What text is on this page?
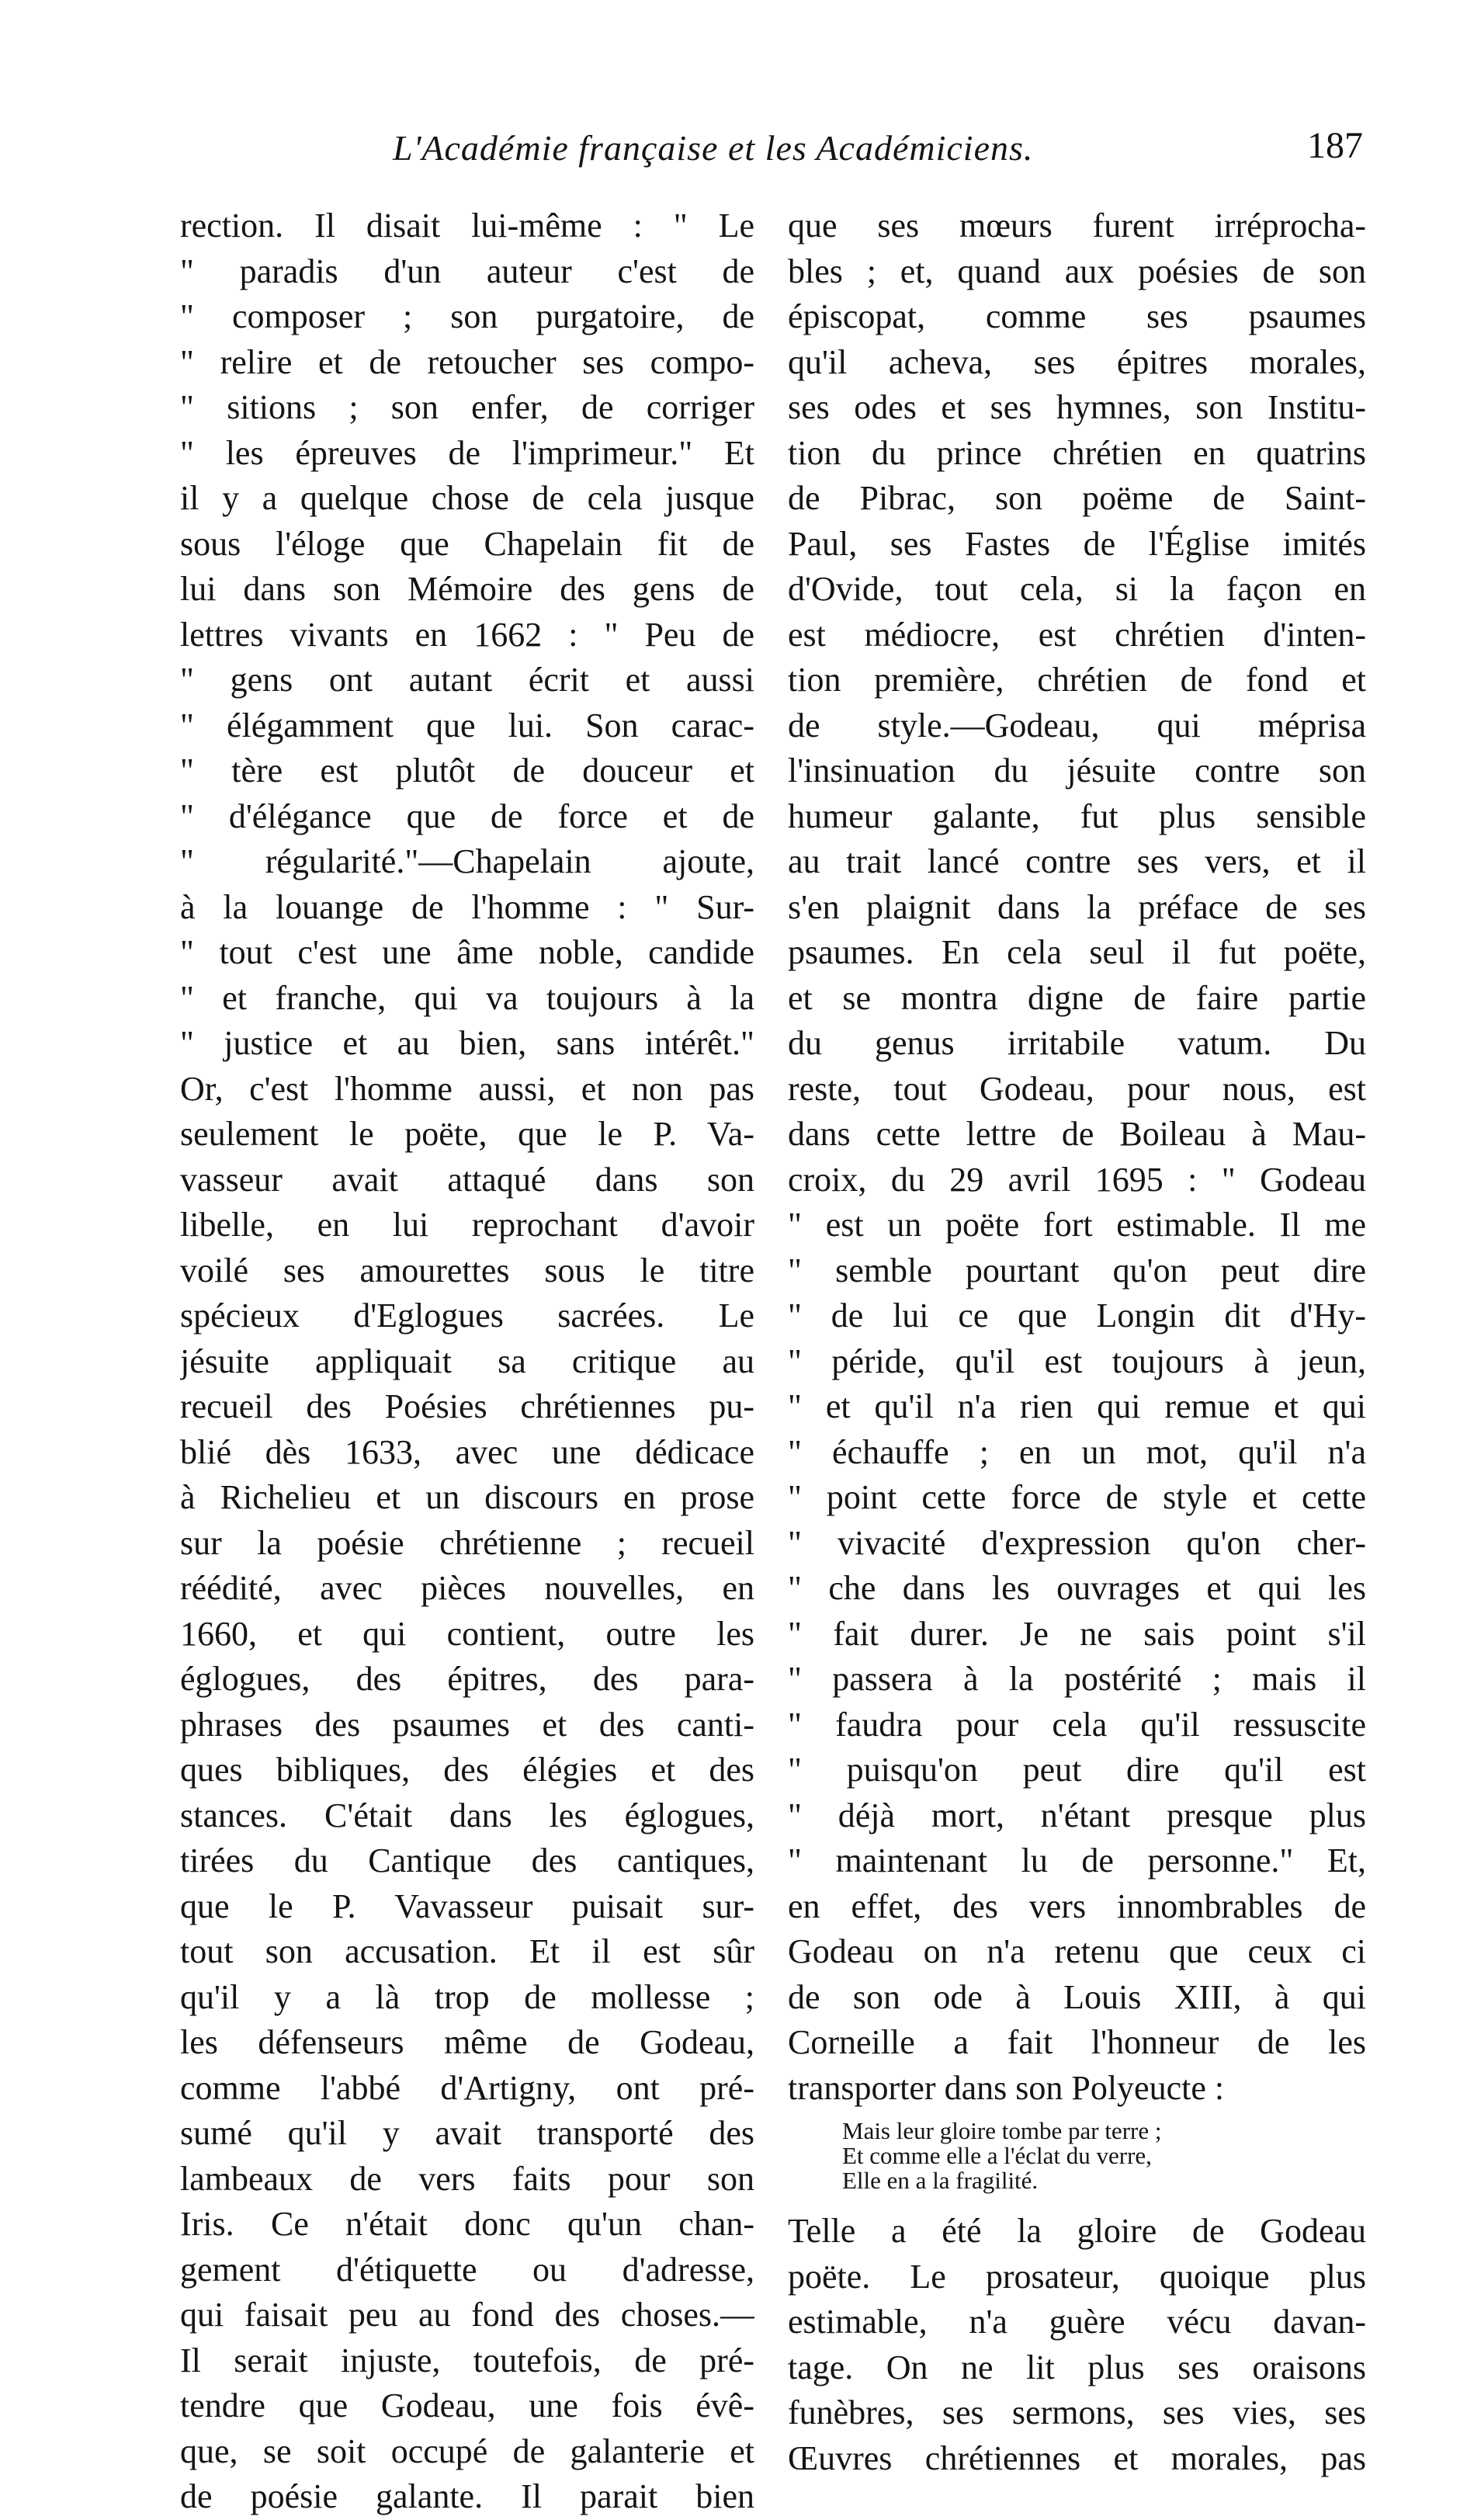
L'Académie française et les Académiciens.	187
rection. Il disait lui-même : " Le
" paradis d'un auteur c'est de
" composer ; son purgatoire, de
" relire et de retoucher ses compo-
" sitions ; son enfer, de corriger
" les épreuves de l'imprimeur." Et
il y a quelque chose de cela jusque
sous l'éloge que Chapelain fit de
lui dans son Mémoire des gens de
lettres vivants en 1662 : " Peu de
" gens ont autant écrit et aussi
" élégamment que lui. Son carac-
" tère est plutôt de douceur et
" d'élégance que de force et de
" régularité."—Chapelain ajoute,
à la louange de l'homme : " Sur-
" tout c'est une âme noble, candide
" et franche, qui va toujours à la
" justice et au bien, sans intérêt."
Or, c'est l'homme aussi, et non pas
seulement le poëte, que le P. Va-
vasseur avait attaqué dans son
libelle, en lui reprochant d'avoir
voilé ses amourettes sous le titre
spécieux d'Eglogues sacrées. Le
jésuite appliquait sa critique au
recueil des Poésies chrétiennes pu-
blié dès 1633, avec une dédicace
à Richelieu et un discours en prose
sur la poésie chrétienne ; recueil
réédité, avec pièces nouvelles, en
1660, et qui contient, outre les
églogues, des épitres, des para-
phrases des psaumes et des canti-
ques bibliques, des élégies et des
stances. C'était dans les églogues,
tirées du Cantique des cantiques,
que le P. Vavasseur puisait sur-
tout son accusation. Et il est sûr
qu'il y a là trop de mollesse ;
les défenseurs même de Godeau,
comme l'abbé d'Artigny, ont pré-
sumé qu'il y avait transporté des
lambeaux de vers faits pour son
Iris. Ce n'était donc qu'un chan-
gement d'étiquette ou d'adresse,
qui faisait peu au fond des choses.—
Il serait injuste, toutefois, de pré-
tendre que Godeau, une fois évê-
que, se soit occupé de galanterie et
de poésie galante. Il parait bien
que ses mœurs furent irréprocha-
bles ; et, quand aux poésies de son
épiscopat, comme ses psaumes
qu'il acheva, ses épitres morales,
ses odes et ses hymnes, son Institu-
tion du prince chrétien en quatrins
de Pibrac, son poëme de Saint-
Paul, ses Fastes de l'Église imités
d'Ovide, tout cela, si la façon en
est médiocre, est chrétien d'inten-
tion première, chrétien de fond et
de style.—Godeau, qui méprisa
l'insinuation du jésuite contre son
humeur galante, fut plus sensible
au trait lancé contre ses vers, et il
s'en plaignit dans la préface de ses
psaumes. En cela seul il fut poëte,
et se montra digne de faire partie
du genus irritabile vatum. Du
reste, tout Godeau, pour nous, est
dans cette lettre de Boileau à Mau-
croix, du 29 avril 1695 : " Godeau
" est un poëte fort estimable. Il me
" semble pourtant qu'on peut dire
" de lui ce que Longin dit d'Hy-
" péride, qu'il est toujours à jeun,
" et qu'il n'a rien qui remue et qui
" échauffe ; en un mot, qu'il n'a
" point cette force de style et cette
" vivacité d'expression qu'on cher-
" che dans les ouvrages et qui les
" fait durer. Je ne sais point s'il
" passera à la postérité ; mais il
" faudra pour cela qu'il ressuscite
" puisqu'on peut dire qu'il est
" déjà mort, n'étant presque plus
" maintenant lu de personne." Et,
en effet, des vers innombrables de
Godeau on n'a retenu que ceux ci
de son ode à Louis XIII, à qui
Corneille a fait l'honneur de les
transporter dans son Polyeucte :
Mais leur gloire tombe par terre ;
Et comme elle a l'éclat du verre,
Elle en a la fragilité.
Telle a été la gloire de Godeau
poëte. Le prosateur, quoique plus
estimable, n'a guère vécu davan-
tage. On ne lit plus ses oraisons
funèbres, ses sermons, ses vies, ses
Œuvres chrétiennes et morales, pas
